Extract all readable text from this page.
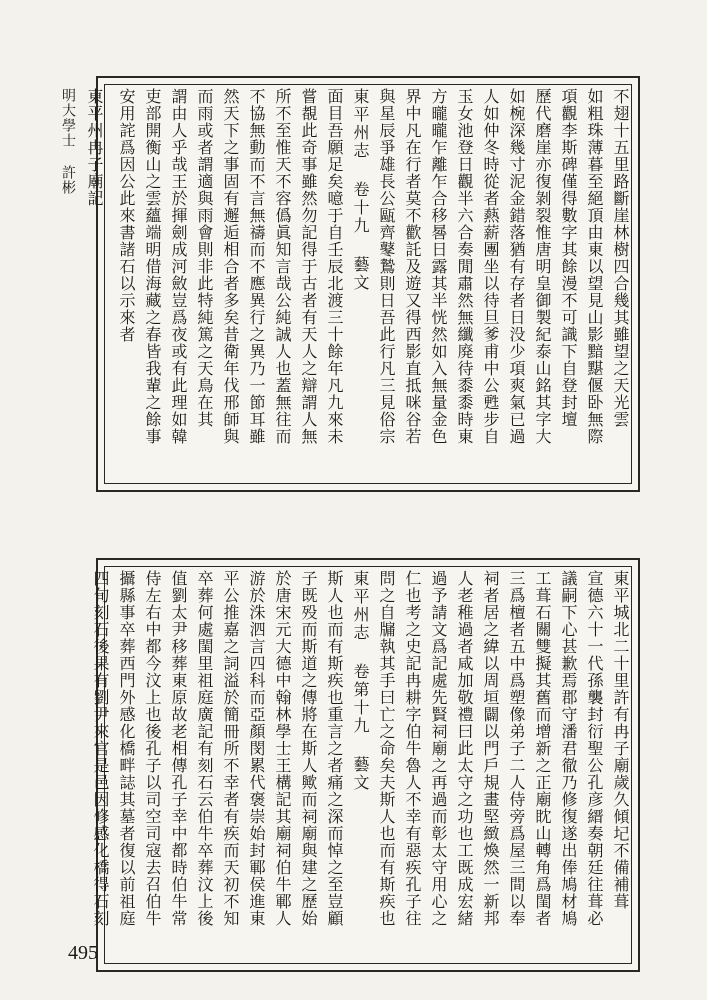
不翅十五里路斷崖林樹四合幾其雖望之天光雲
如粗珠薄暮至絕頂由東以望見山影黯黮偃卧無際
項觀李斯碑僅得數字其餘漫不可識下自登封壇
歷代磨崖亦復剝裂惟唐明皇御製紀泰山銘其字大
如椀深幾寸泥金錯落猶有存者日没少項爽氣已過
人如仲冬時從者爇薪團坐以待旦爹甫中公甦步自
玉女池登日觀半六合奏閒肅然無纖廃待黍黍時東
方曨曨乍離乍合移晷日露其半恍然如入無量金色
界中凡在行者莫不歡託及遊又得西影直抵咪谷若
與星辰爭雄長公甌齊鼕鷙則日吾此行凡三見俗宗
東平州志 卷十九 藝文
面目吾願足矣噫于自壬辰北渡三十餘年凡九來未
嘗覩此奇事雖然勿記得于古者有天人之辯謂人無
所不至惟天不容僞眞知言哉公純誠人也蓋無往而
不協無動而不言無禱而不應異行之異乃一節耳雖
然天下之事固有邂逅相合者多矣昔衛年伐邢師與
而雨或者謂適與雨會則非此特純篤之天鳥在其
謂由人乎哉王於揮劍成河斂豈爲夜或有此理如韓
吏部開衡山之雲蘊端明借海藏之春皆我輩之餘事
安用詫爲因公此來書諸石以示來者
東平州冉子廟記
明大學士 許彬
東平城北二十里許有冉子廟歲久傾圮不備補葺
宣德六十一代孫襲封衍聖公孔彦縉奏朝廷往葺必
議嗣下心甚歉焉郡守潘君徹乃修復遂出俸鳩材鳩
工葺石關雙擬其舊而增新之正廟眈山轉角爲閨者
三爲檀者五中爲塑像弟子二人侍旁爲屋三間以奉
祠者居之緯以周垣闢以門戶規畫堅緻煥然一新邦
人老稚過者咸加敬禮曰此太守之功也工既成宏緒
過予請文爲記處先賢祠廟之再過而彰太守用心之
仁也考之史記冉耕字伯牛魯人不幸有惡疾孔子往
問之自牖執其手曰亡之命矣夫斯人也而有斯疾也
東平州志 卷第十九 藝文
斯人也而有斯疾也重言之者痛之深而悼之至豈顧
子既殁而斯道之傳將在斯人歟而祠廟與建之歷始
於唐宋元大德中翰林學士王構記其廟祠伯牛鄆人
游於洙泗言四科而亞顏閔累代褒崇始封鄆侯進東
平公推嘉之詞溢於簡冊所不幸者有疾而天初不知
卒葬何處閨里祖庭廣記有刻石云伯牛卒葬汶上後
值劉太尹移葬東原故老相傳孔子幸中都時伯牛常
侍左右中都今汶上也後孔子以司空司寇去召伯牛
攝縣事卒葬西門外感化橋畔誌其墓者復以前祖庭
四旬刻石後果有劉尹來官是邑因修感化橋得石刻
495
